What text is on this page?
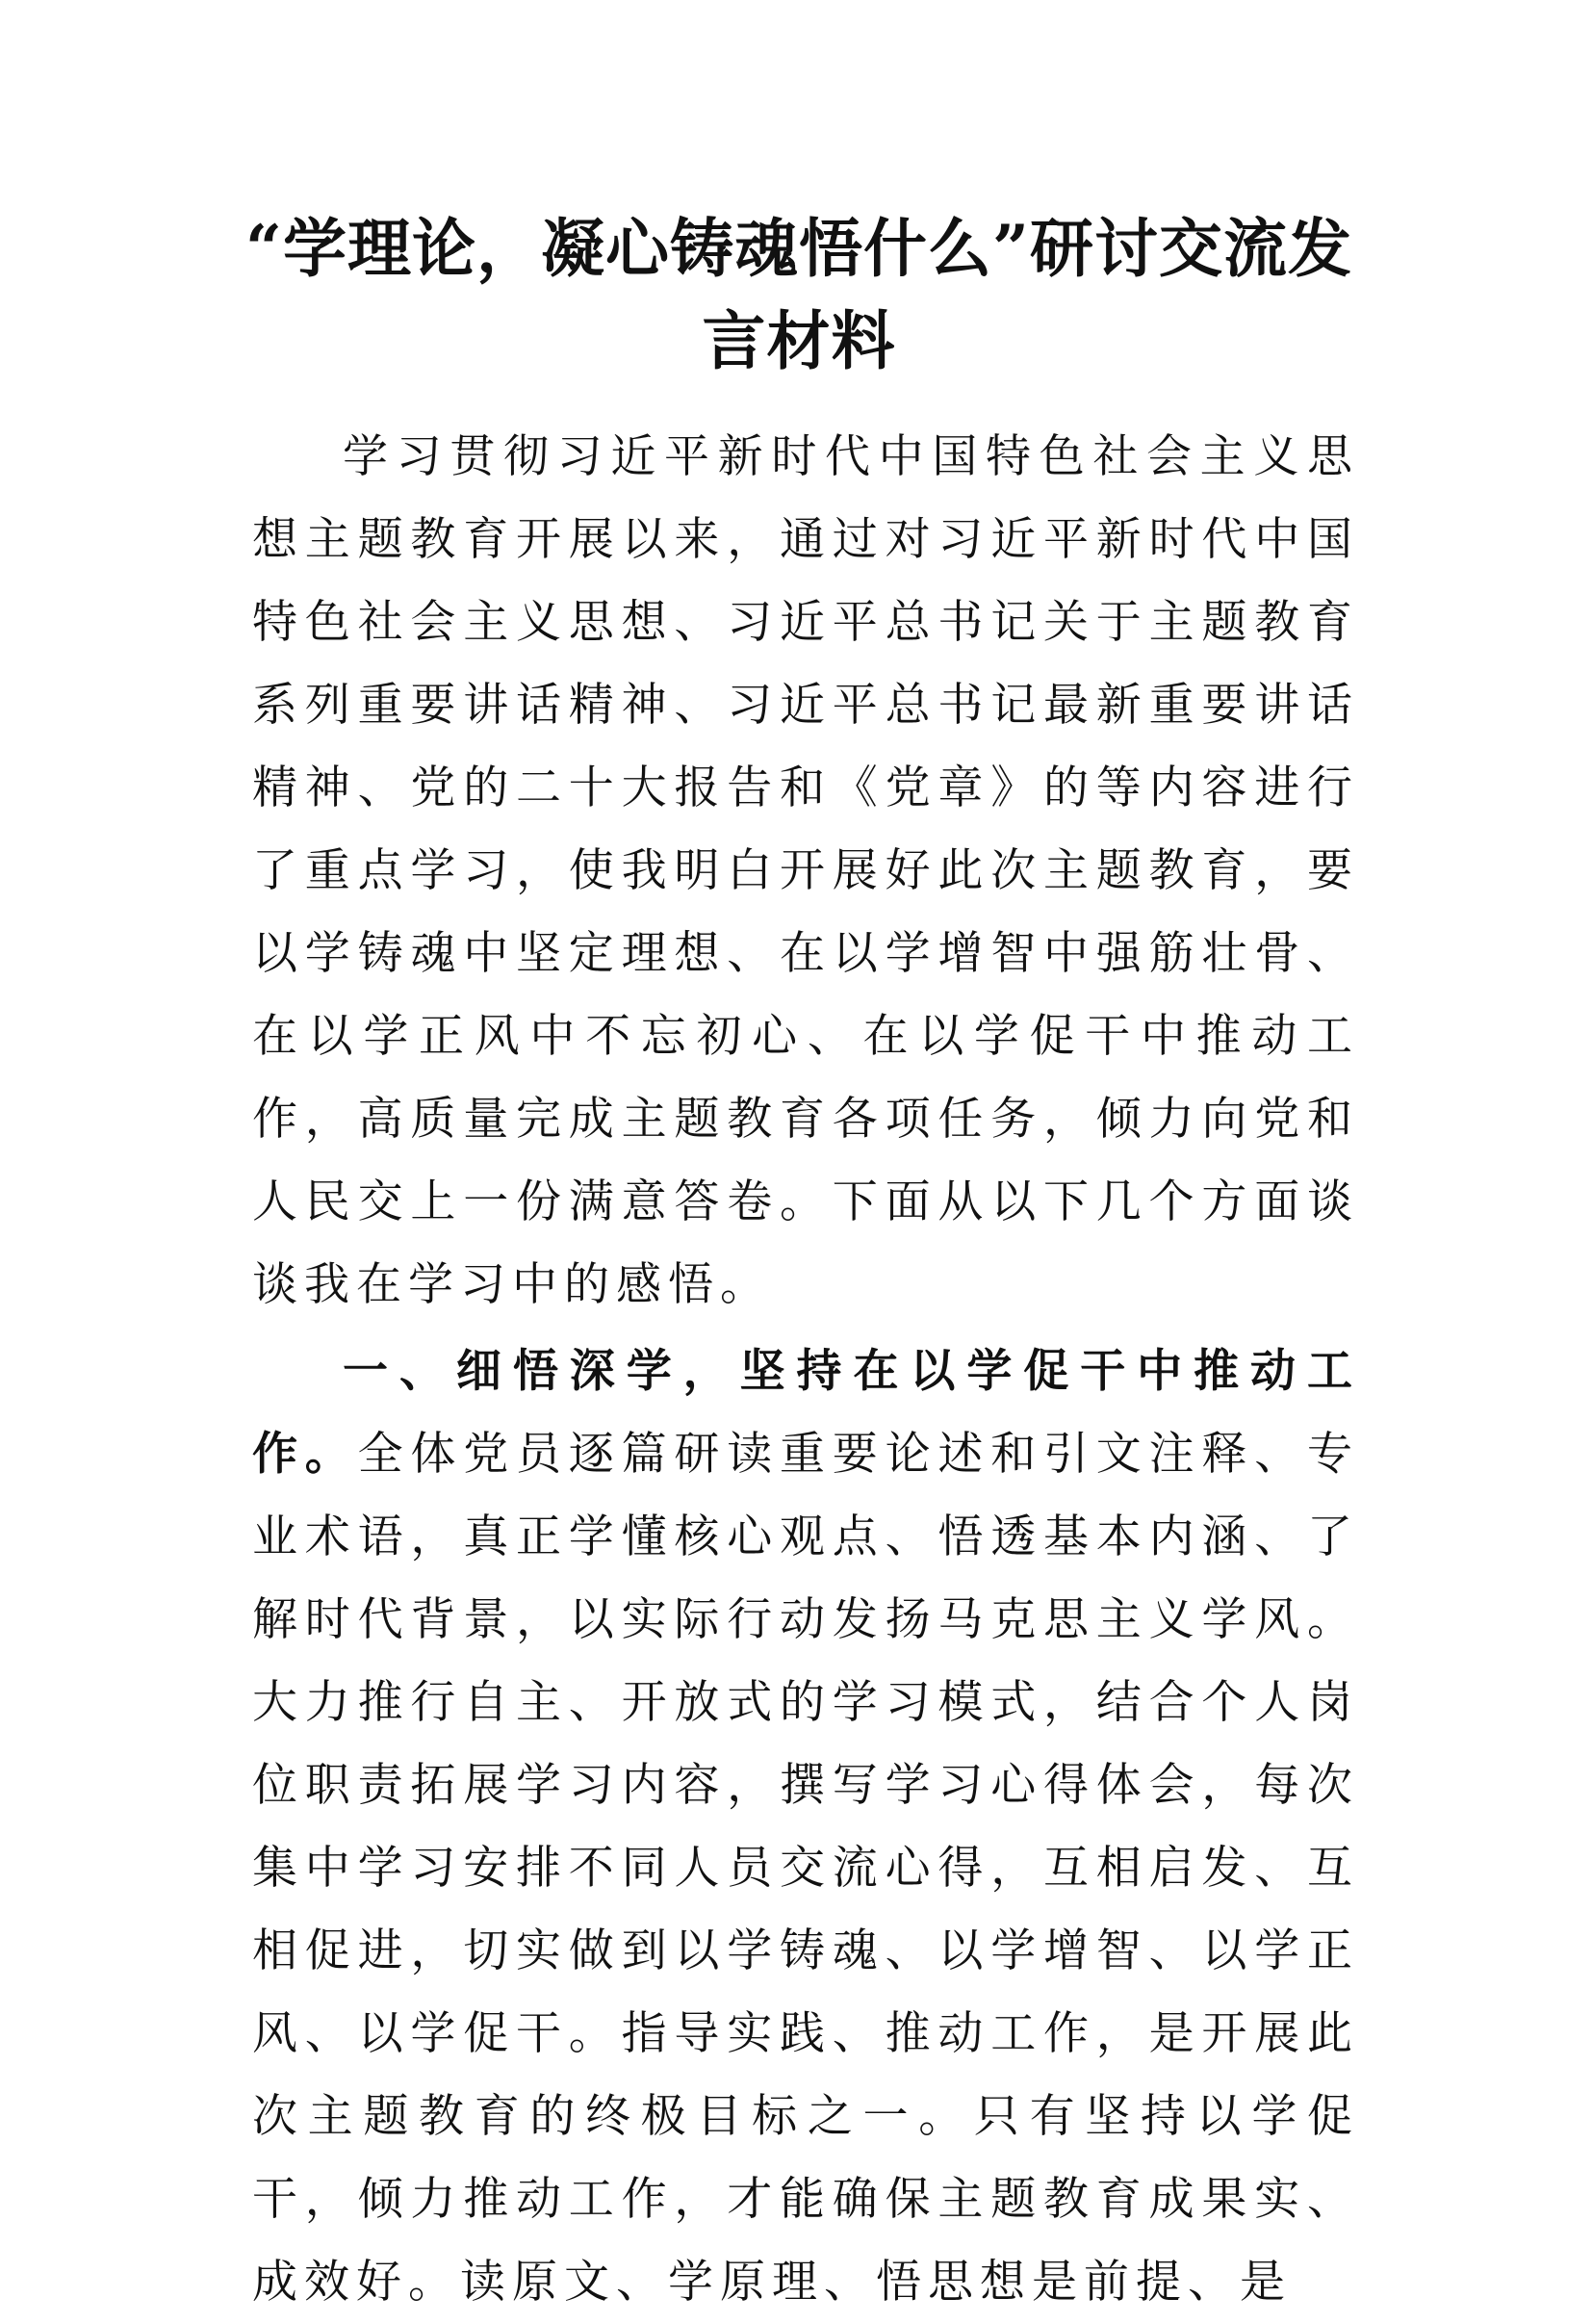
“学理论，凝心铸魂悟什么”研讨交流发言材料

学习贯彻习近平新时代中国特色社会主义思想主题教育开展以来，通过对习近平新时代中国特色社会主义思想、习近平总书记关于主题教育系列重要讲话精神、习近平总书记最新重要讲话精神、党的二十大报告和《党章》的等内容进行了重点学习，使我明白开展好此次主题教育，要以学铸魂中坚定理想、在以学增智中强筋壮骨、在以学正风中不忘初心、在以学促干中推动工作，高质量完成主题教育各项任务，倾力向党和人民交上一份满意答卷。下面从以下几个方面谈谈我在学习中的感悟。

一、细悟深学，坚持在以学促干中推动工作。全体党员逐篇研读重要论述和引文注释、专业术语，真正学懂核心观点、悟透基本内涵、了解时代背景，以实际行动发扬马克思主义学风。大力推行自主、开放式的学习模式，结合个人岗位职责拓展学习内容，撰写学习心得体会，每次集中学习安排不同人员交流心得，互相启发、互相促进，切实做到以学铸魂、以学增智、以学正风、以学促干。指导实践、推动工作，是开展此次主题教育的终极目标之一。只有坚持以学促干，倾力推动工作，才能确保主题教育成果实、成效好。读原文、学原理、悟思想是前提、是
